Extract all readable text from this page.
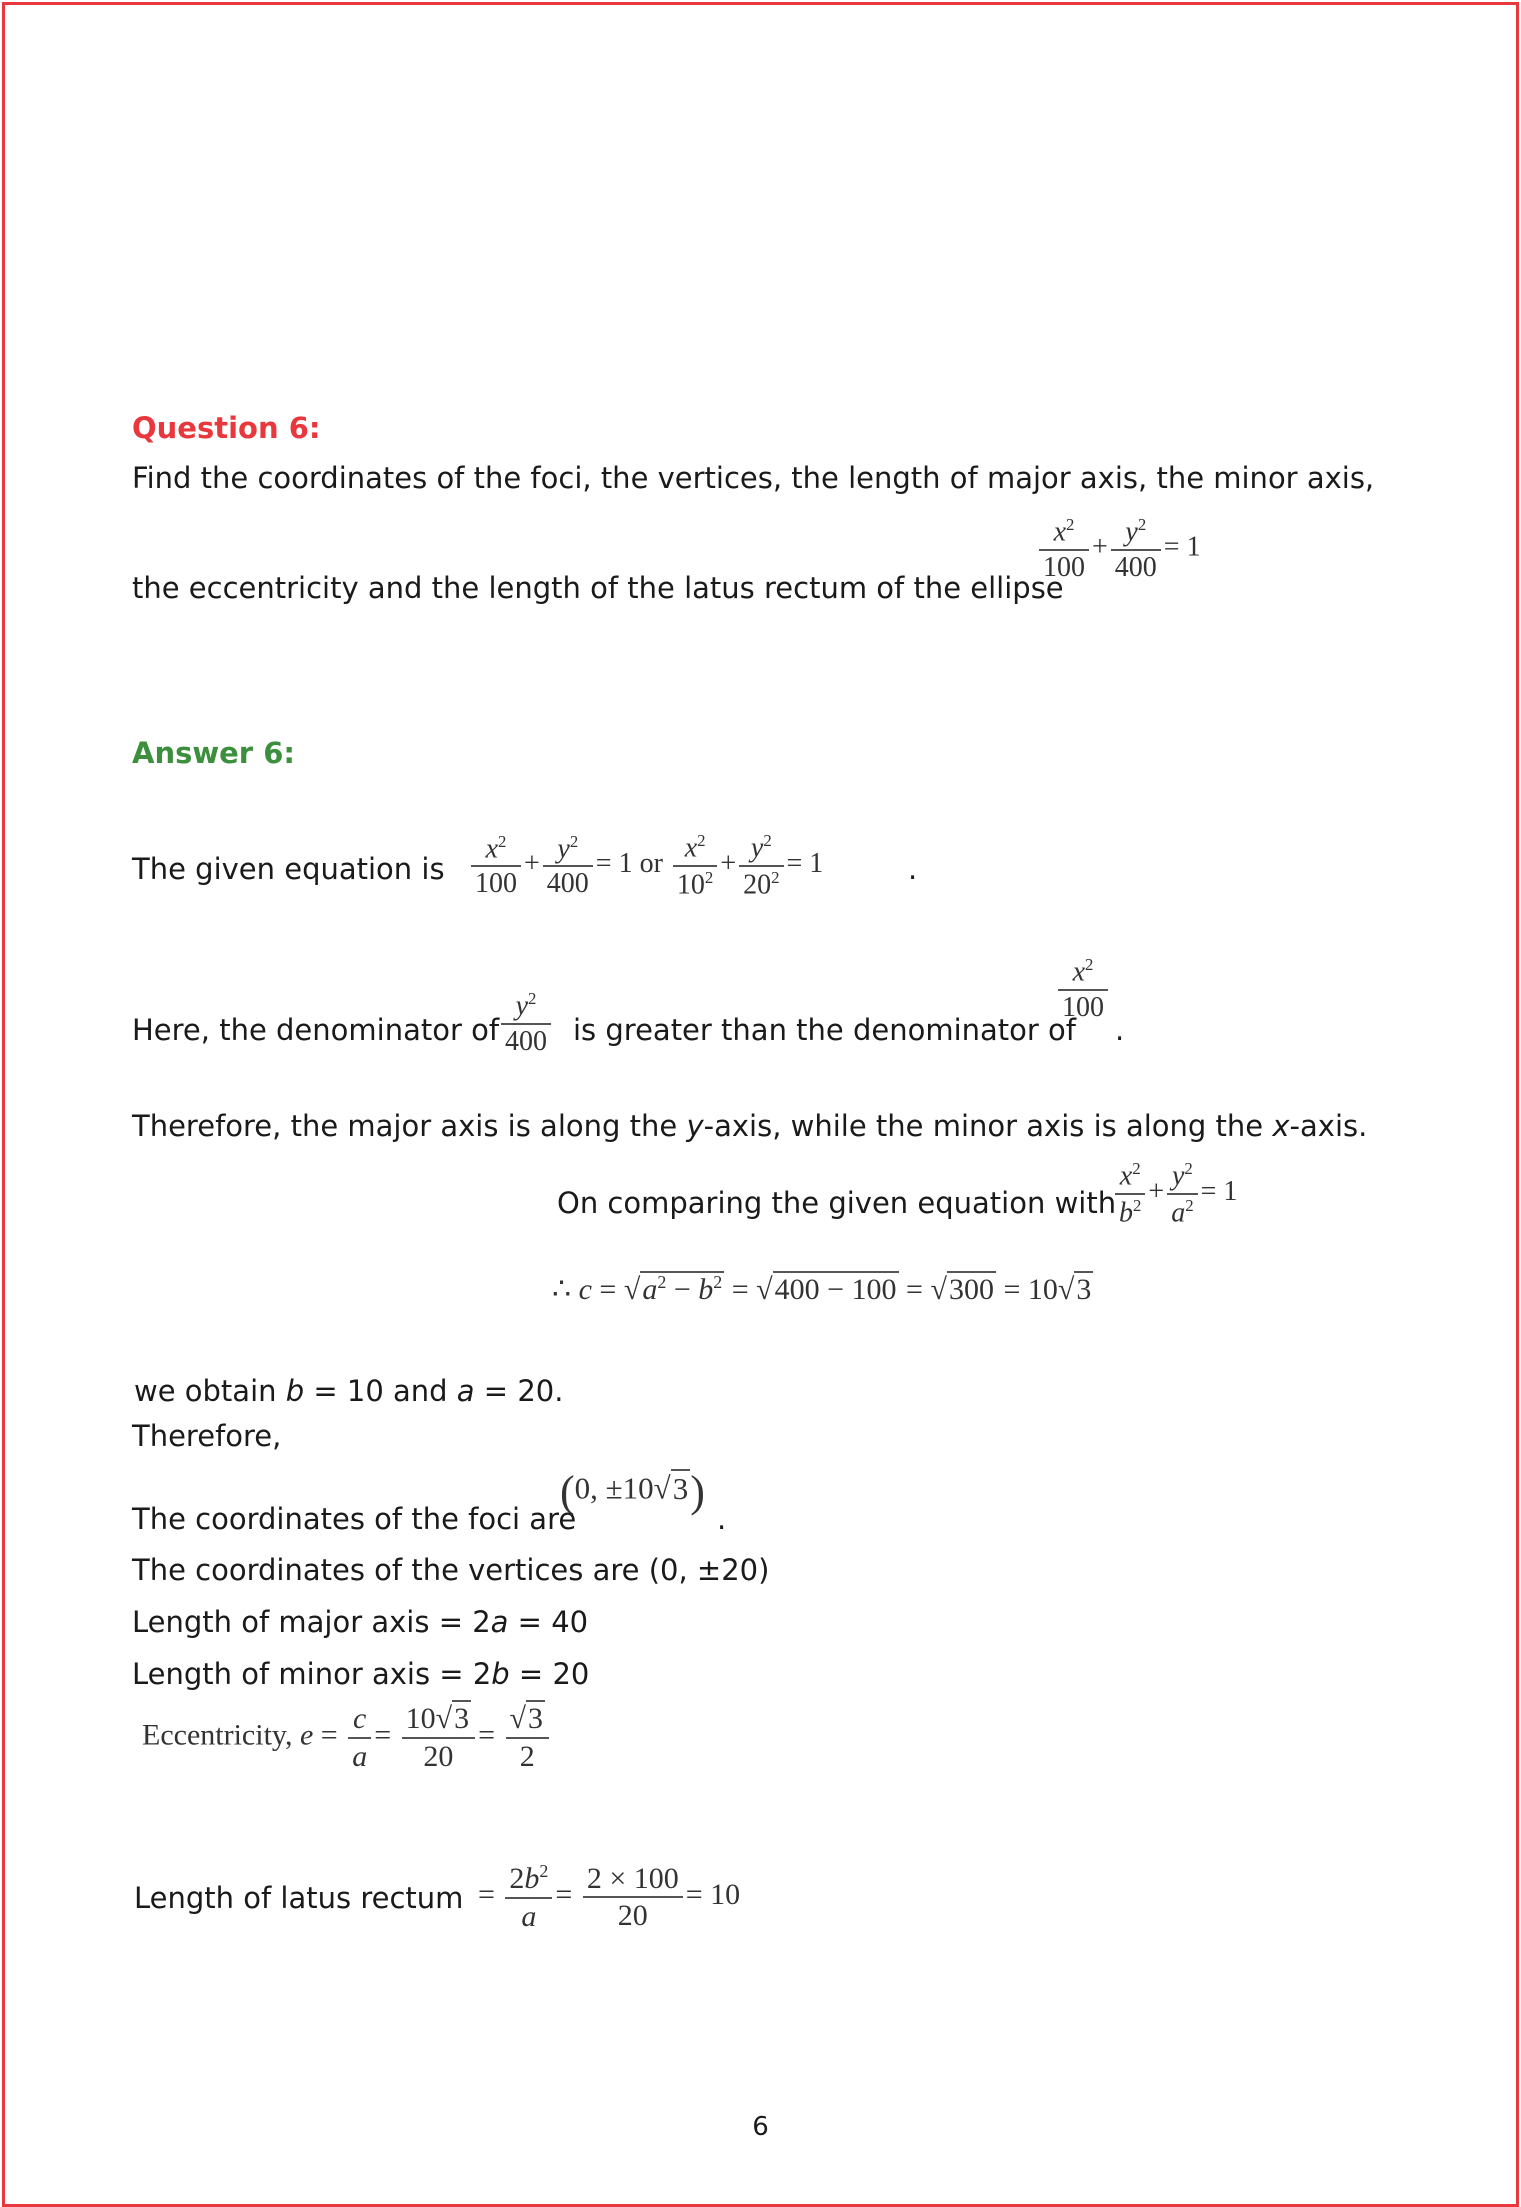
Question 6:
Find the coordinates of the foci, the vertices, the length of major axis, the minor axis,
the eccentricity and the length of the latus rectum of the ellipse
$\frac{x^2}{100} + \frac{y^2}{400} = 1$
Answer 6:
The given equation is $\frac{x^2}{100} + \frac{y^2}{400} = 1$ or $\frac{x^2}{10^2} + \frac{y^2}{20^2} = 1$	.
Here, the denominator of $\frac{y^2}{400}$ is greater than the denominator of
$\frac{x^2}{100}$
.
Therefore, the major axis is along the y-axis, while the minor axis is along the x-axis.
On comparing the given equation with
$\frac{x^2}{b^2} + \frac{y^2}{a^2} = 1$
∴ $c = √a^2 - b^2 = √400 - 100 = √300 = 10√3$
we obtain b = 10 and a = 20.
Therefore,
The coordinates of the foci are
(0, ±10√3)
.
The coordinates of the vertices are (0, ±20)
Length of major axis = 2a = 40
Length of minor axis = 2b = 20
Eccentricity, $e = \frac{c}{a} = \frac{10√3}{20} = \frac{√3}{2}$
Length of latus rectum = $\frac{2b^2}{a} = \frac{2 \times 100}{20} = 10$
6
